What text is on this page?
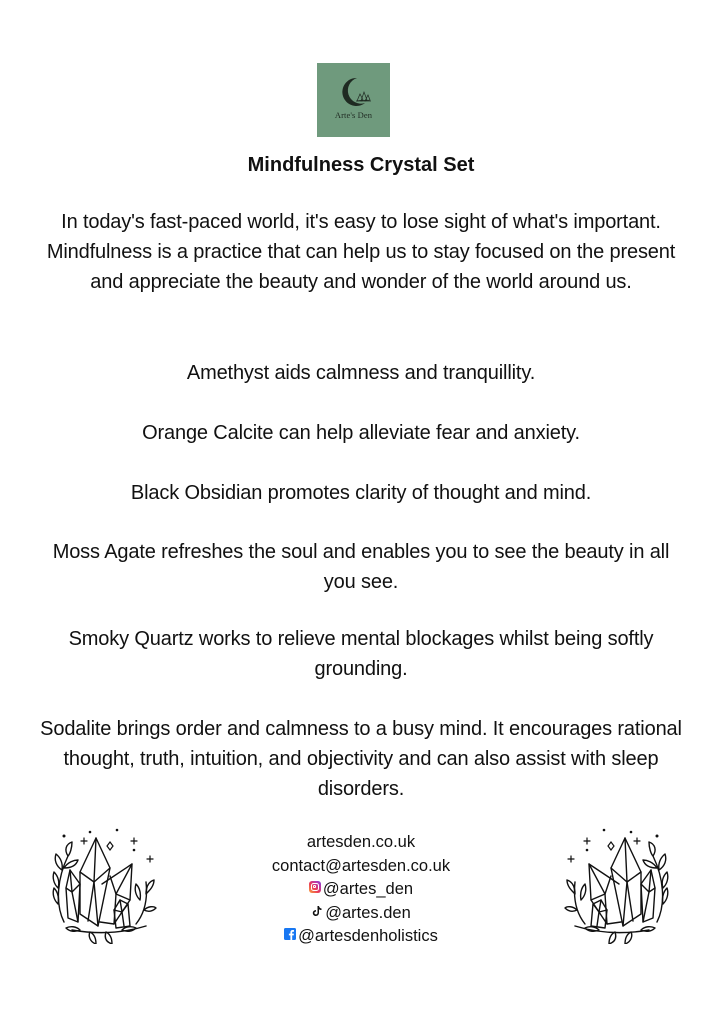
Arte's Den
Mindfulness Crystal Set

In today's fast-paced world, it's easy to lose sight of what's important. Mindfulness is a practice that can help us to stay focused on the present and appreciate the beauty and wonder of the world around us.

Amethyst aids calmness and tranquillity.

Orange Calcite can help alleviate fear and anxiety.

Black Obsidian promotes clarity of thought and mind.

Moss Agate refreshes the soul and enables you to see the beauty in all you see.

Smoky Quartz works to relieve mental blockages whilst being softly grounding.

Sodalite brings order and calmness to a busy mind. It encourages rational thought, truth, intuition, and objectivity and can also assist with sleep disorders.

artesden.co.uk
contact@artesden.co.uk
@artes_den
@artes.den
@artesdenholistics
